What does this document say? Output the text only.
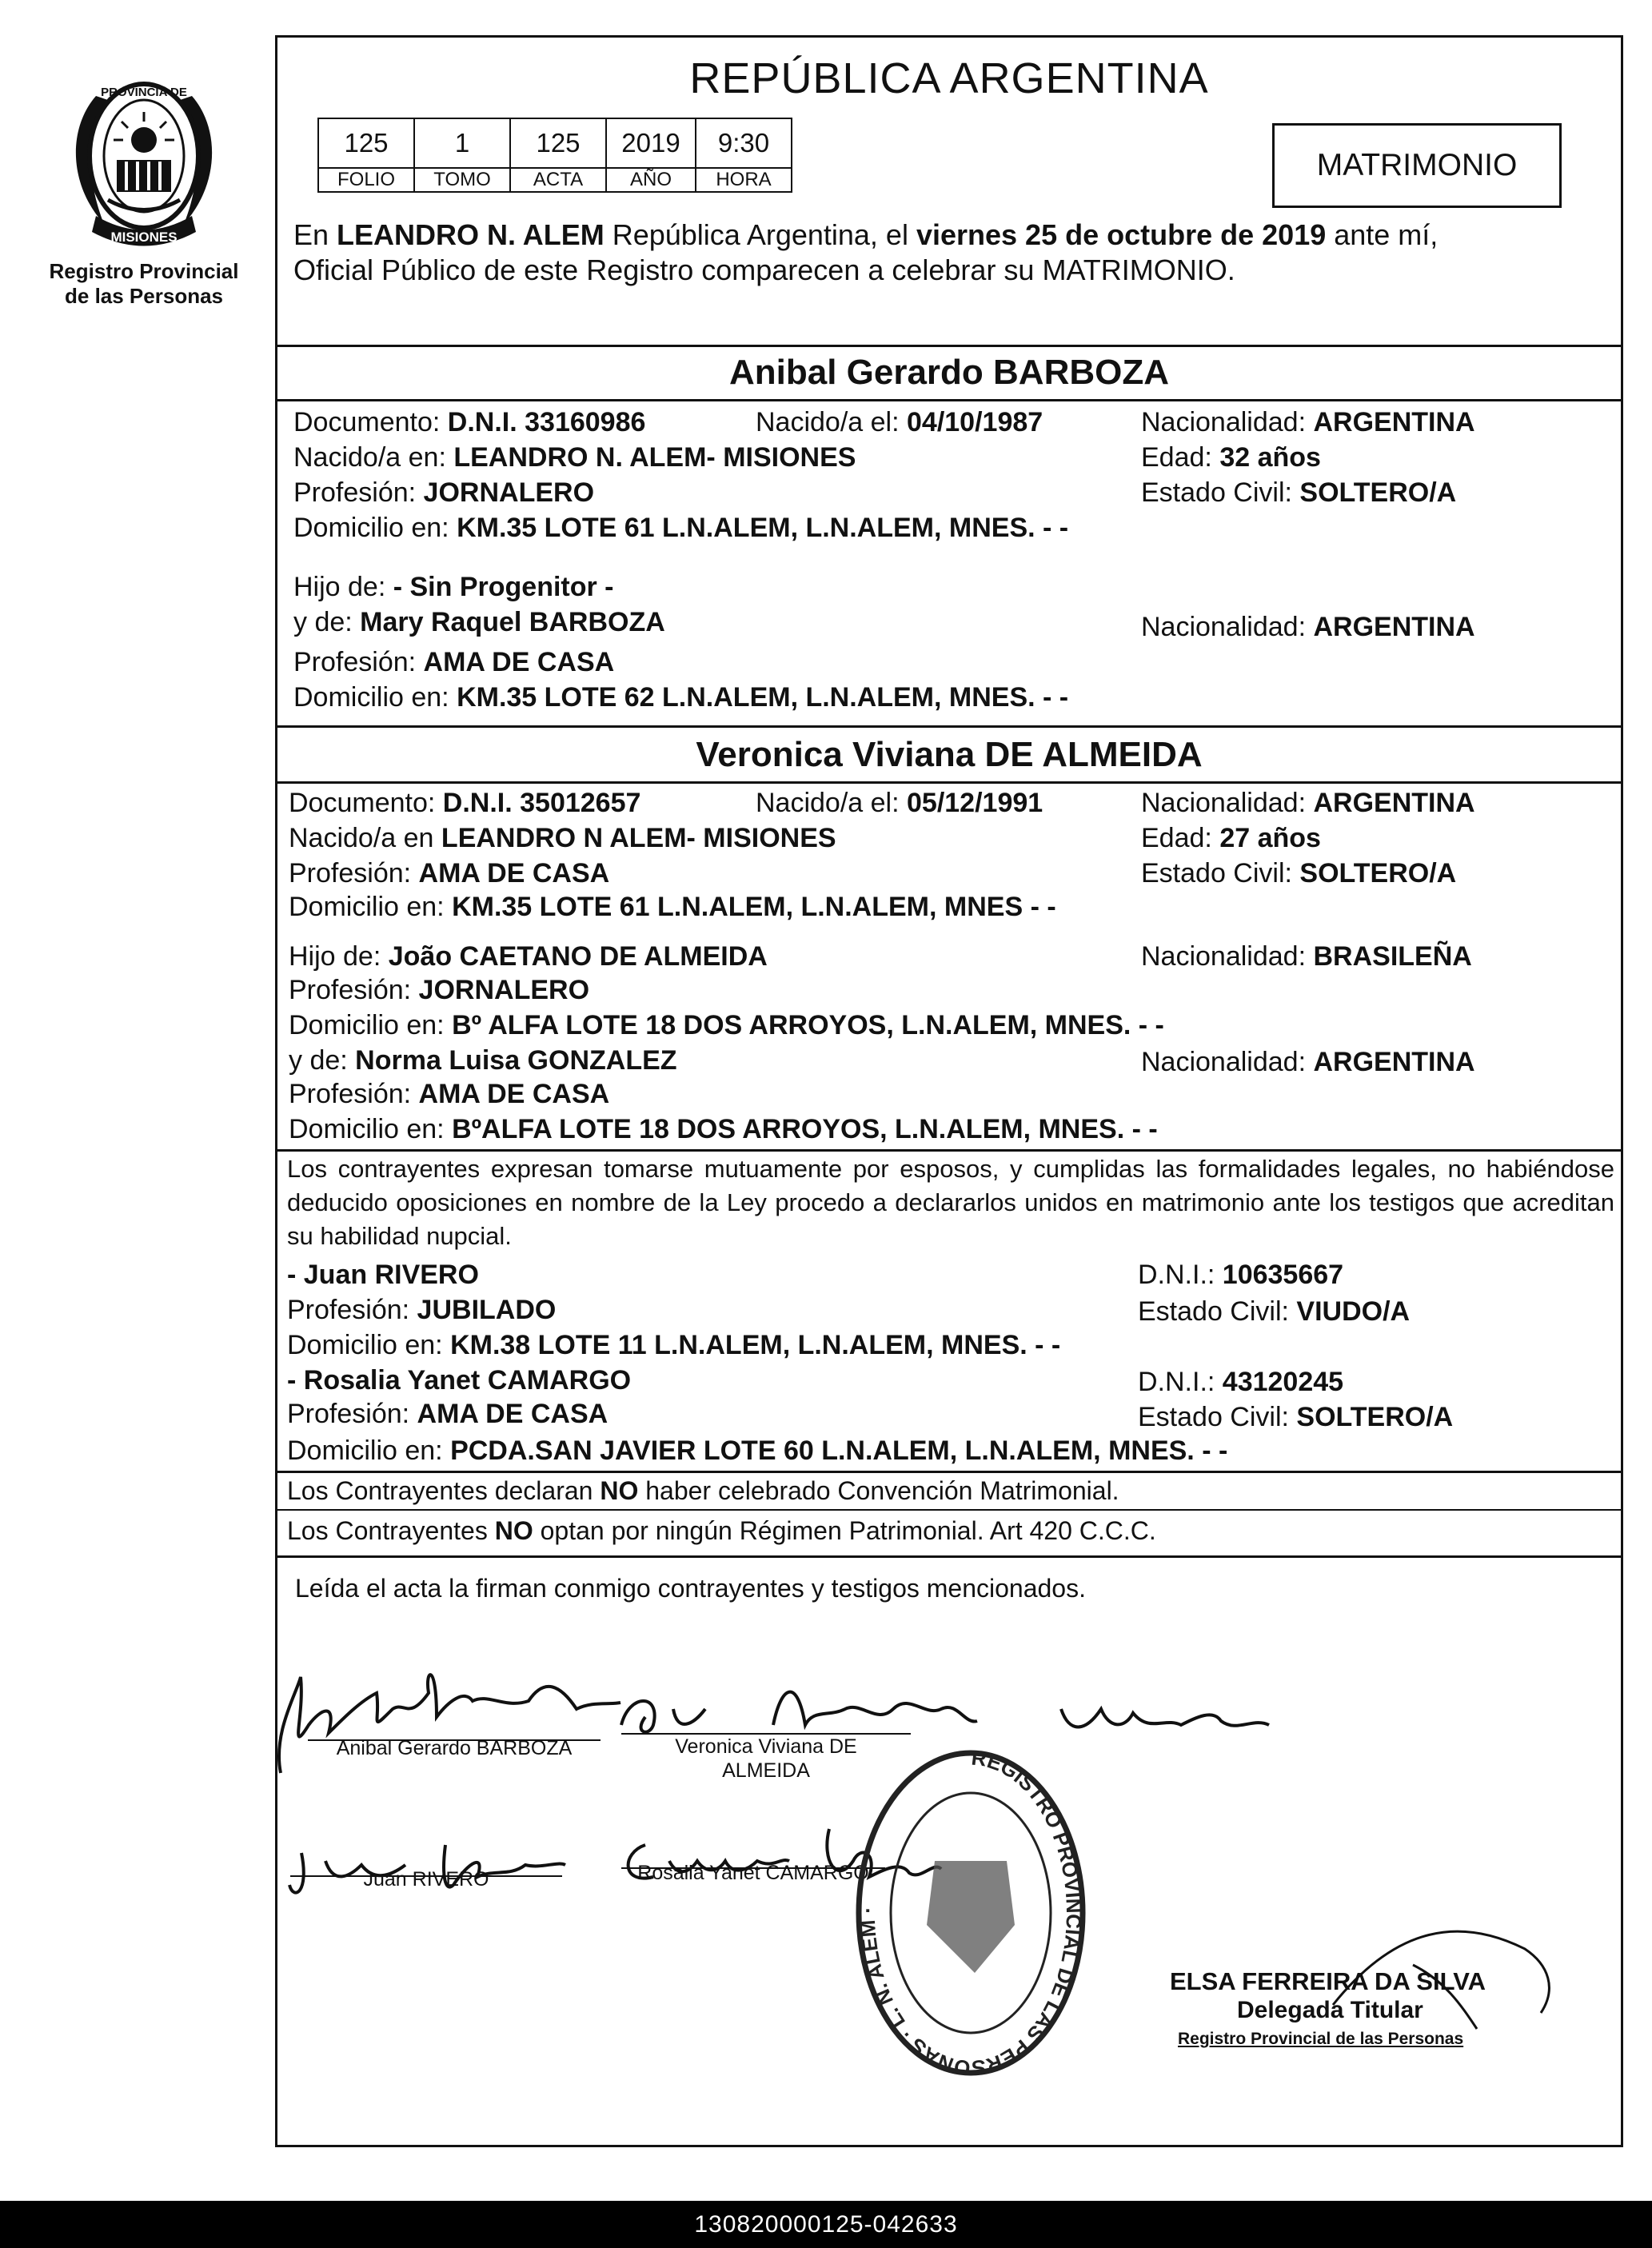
PROVINCIA DE
MISIONES
Registro Provincial
de las Personas
REPÚBLICA ARGENTINA
125	1	125	2019	9:30
FOLIO	TOMO	ACTA	AÑO	HORA	MATRIMONIO
En LEANDRO N. ALEM República Argentina, el viernes 25 de octubre de 2019 ante mí,
Oficial Público de este Registro comparecen a celebrar su MATRIMONIO.
Anibal Gerardo BARBOZA
Documento: D.N.I. 33160986	Nacido/a el: 04/10/1987	Nacionalidad: ARGENTINA
Nacido/a en: LEANDRO N. ALEM- MISIONES	Edad: 32 años
Profesión: JORNALERO	Estado Civil: SOLTERO/A
Domicilio en: KM.35 LOTE 61 L.N.ALEM, L.N.ALEM, MNES. - -
Hijo de: - Sin Progenitor -
y de: Mary Raquel BARBOZA	Nacionalidad: ARGENTINA
Profesión: AMA DE CASA
Domicilio en: KM.35 LOTE 62 L.N.ALEM, L.N.ALEM, MNES. - -
Veronica Viviana DE ALMEIDA
Documento: D.N.I. 35012657	Nacido/a el: 05/12/1991	Nacionalidad: ARGENTINA
Nacido/a en LEANDRO N ALEM- MISIONES	Edad: 27 años
Profesión: AMA DE CASA	Estado Civil: SOLTERO/A
Domicilio en: KM.35 LOTE 61 L.N.ALEM, L.N.ALEM, MNES - -
Hijo de: João CAETANO DE ALMEIDA	Nacionalidad: BRASILEÑA
Profesión: JORNALERO
Domicilio en: Bº ALFA LOTE 18 DOS ARROYOS, L.N.ALEM, MNES. - -
y de: Norma Luisa GONZALEZ	Nacionalidad: ARGENTINA
Profesión: AMA DE CASA
Domicilio en: BºALFA LOTE 18 DOS ARROYOS, L.N.ALEM, MNES. - -
Los contrayentes expresan tomarse mutuamente por esposos, y cumplidas las formalidades legales, no habiéndose deducido oposiciones en nombre de la Ley procedo a declararlos unidos en matrimonio ante los testigos que acreditan su habilidad nupcial.
- Juan RIVERO	D.N.I.: 10635667
Profesión: JUBILADO	Estado Civil: VIUDO/A
Domicilio en: KM.38 LOTE 11 L.N.ALEM, L.N.ALEM, MNES. - -
- Rosalia Yanet CAMARGO	D.N.I.: 43120245
Profesión: AMA DE CASA	Estado Civil: SOLTERO/A
Domicilio en: PCDA.SAN JAVIER LOTE 60 L.N.ALEM, L.N.ALEM, MNES. - -
Los Contrayentes declaran NO haber celebrado Convención Matrimonial.
Los Contrayentes NO optan por ningún Régimen Patrimonial. Art 420 C.C.C.
Leída el acta la firman conmigo contrayentes y testigos mencionados.
Anibal Gerardo BARBOZA	Veronica Viviana DE
ALMEIDA
Juan RIVERO	Rosalia Yanet CAMARGO
REGISTRO PROVINCIAL DE LAS PERSONAS · L. N. ALEM ·
ELSA FERREIRA DA SILVA
Delegada Titular
Registro Provincial de las Personas
130820000125-042633
